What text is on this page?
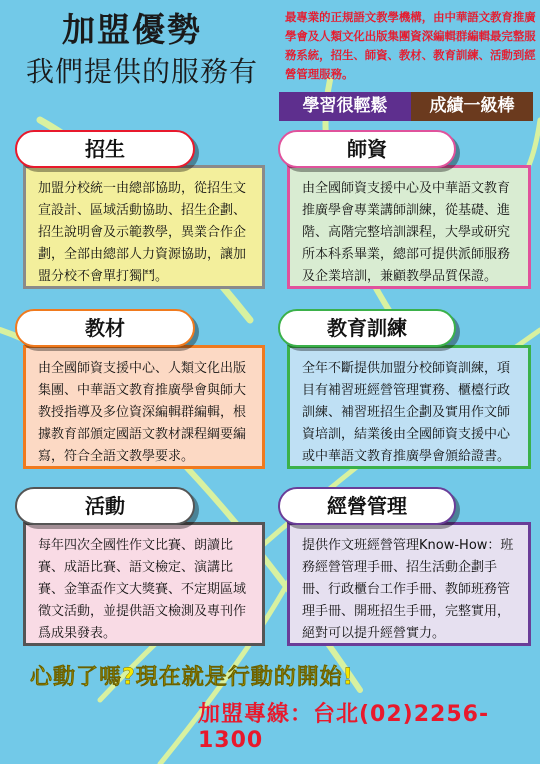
加盟優勢
我們提供的服務有
最專業的正規語文教學機構，由中華語文教育推廣學會及人類文化出版集團資深編輯群編輯最完整服務系統，招生、師資、教材、教育訓練、活動到經營管理服務。
學習很輕鬆	成績一級棒
加盟分校統一由總部協助，從招生文宣設計、區域活動協助、招生企劃、招生說明會及示範教學，異業合作企劃，全部由總部人力資源協助，讓加盟分校不會單打獨鬥。
招生
由全國師資支援中心及中華語文教育推廣學會專業講師訓練，從基礎、進階、高階完整培訓課程，大學或研究所本科系畢業，總部可提供派師服務及企業培訓，兼顧教學品質保證。
師資
由全國師資支援中心、人類文化出版集團、中華語文教育推廣學會與師大教授指導及多位資深編輯群編輯，根據教育部頒定國語文教材課程綱要編寫，符合全語文教學要求。
教材
全年不斷提供加盟分校師資訓練，項目有補習班經營管理實務、櫃檯行政訓練、補習班招生企劃及實用作文師資培訓，結業後由全國師資支援中心或中華語文教育推廣學會頒給證書。
教育訓練
每年四次全國性作文比賽、朗讀比賽、成語比賽、語文檢定、演講比賽、金筆盃作文大獎賽、不定期區域徵文活動，並提供語文檢測及專刊作爲成果發表。
活動
提供作文班經營管理Know-How：班務經營管理手冊、招生活動企劃手冊、行政櫃台工作手冊、教師班務管理手冊、開班招生手冊，完整實用，絕對可以提升經營實力。
經營管理
心動了嗎?現在就是行動的開始!
加盟專線：台北(02)2256-1300
